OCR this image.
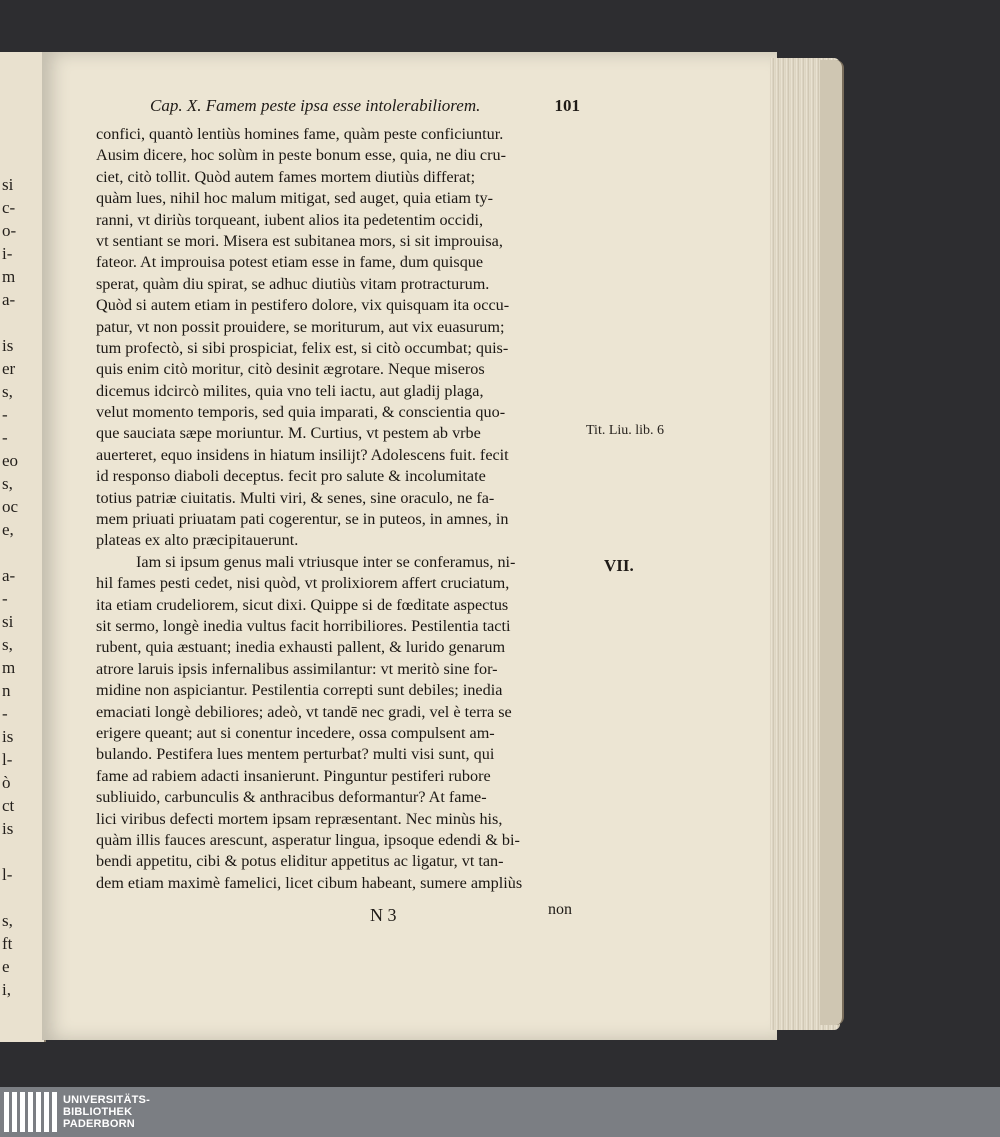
si
c-
o-
i-
m
a-
is
er
s,
-
-
eo
s,
oc
e,
a-
-
si
s,
m
n
-
is
l-
ò
ct
is
l-
s,
ft
e
i,
Cap. X. Famem peste ipsa esse intolerabiliorem.	101
confici, quantò lentiùs homines fame, quàm peste conficiuntur.
Ausim dicere, hoc solùm in peste bonum esse, quia, ne diu cru-
ciet, citò tollit. Quòd autem fames mortem diutiùs differat;
quàm lues, nihil hoc malum mitigat, sed auget, quia etiam ty-
ranni, vt diriùs torqueant, iubent alios ita pedetentim occidi,
vt sentiant se mori. Misera est subitanea mors, si sit improuisa,
fateor. At improuisa potest etiam esse in fame, dum quisque
sperat, quàm diu spirat, se adhuc diutiùs vitam protracturum.
Quòd si autem etiam in pestifero dolore, vix quisquam ita occu-
patur, vt non possit prouidere, se moriturum, aut vix euasurum;
tum profectò, si sibi prospiciat, felix est, si citò occumbat; quis-
quis enim citò moritur, citò desinit ægrotare. Neque miseros
dicemus idcircò milites, quia vno teli iactu, aut gladij plaga,
velut momento temporis, sed quia imparati, & conscientia quo-
que sauciata sæpe moriuntur. M. Curtius, vt pestem ab vrbe
auerteret, equo insidens in hiatum insilijt? Adolescens fuit. fecit
id responso diaboli deceptus. fecit pro salute & incolumitate
totius patriæ ciuitatis. Multi viri, & senes, sine oraculo, ne fa-
mem priuati priuatam pati cogerentur, se in puteos, in amnes, in
plateas ex alto præcipitauerunt.
Iam si ipsum genus mali vtriusque inter se conferamus, ni-
hil fames pesti cedet, nisi quòd, vt prolixiorem affert cruciatum,
ita etiam crudeliorem, sicut dixi. Quippe si de fœditate aspectus
sit sermo, longè inedia vultus facit horribiliores. Pestilentia tacti
rubent, quia æstuant; inedia exhausti pallent, & lurido genarum
atrore laruis ipsis infernalibus assimilantur: vt meritò sine for-
midine non aspiciantur. Pestilentia correpti sunt debiles; inedia
emaciati longè debiliores; adeò, vt tandē nec gradi, vel è terra se
erigere queant; aut si conentur incedere, ossa compulsent am-
bulando. Pestifera lues mentem perturbat? multi visi sunt, qui
fame ad rabiem adacti insanierunt. Pinguntur pestiferi rubore
subliuido, carbunculis & anthracibus deformantur? At fame-
lici viribus defecti mortem ipsam repræsentant. Nec minùs his,
quàm illis fauces arescunt, asperatur lingua, ipsoque edendi & bi-
bendi appetitu, cibi & potus eliditur appetitus ac ligatur, vt tan-
dem etiam maximè famelici, licet cibum habeant, sumere ampliùs
Tit. Liu. lib. 6
VII.
N 3	non
UNIVERSITÄTS-
BIBLIOTHEK
PADERBORN
